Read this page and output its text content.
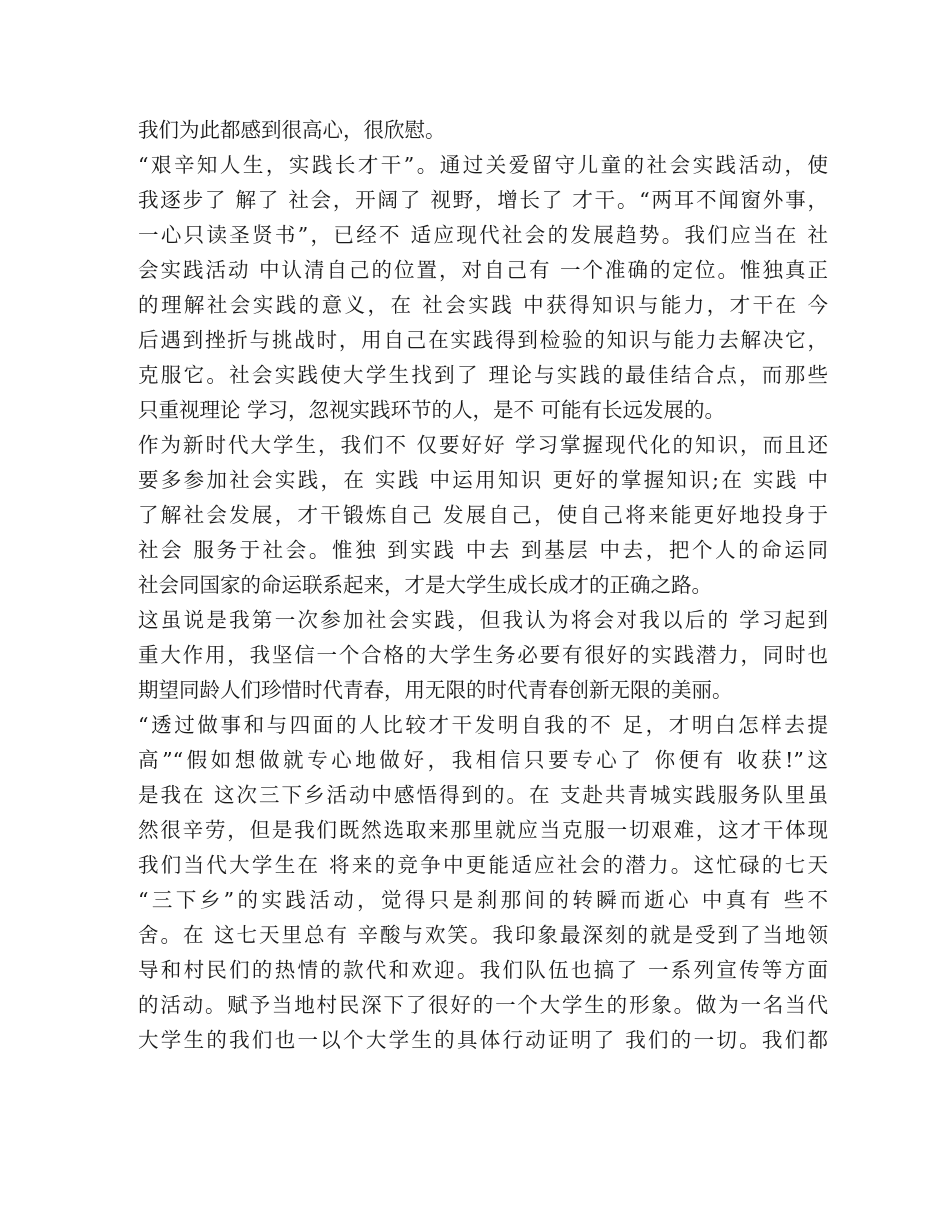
我们为此都感到很高心，很欣慰。
“艰辛知人生，实践长才干”。通过关爱留守儿童的社会实践活动，使
我逐步了 解了 社会，开阔了 视野，增长了 才干。“两耳不闻窗外事，
一心只读圣贤书”，已经不 适应现代社会的发展趋势。我们应当在 社
会实践活动 中认清自己的位置，对自己有 一个准确的定位。惟独真正
的理解社会实践的意义，在 社会实践 中获得知识与能力，才干在 今
后遇到挫折与挑战时，用自己在实践得到检验的知识与能力去解决它，
克服它。社会实践使大学生找到了 理论与实践的最佳结合点，而那些
只重视理论 学习，忽视实践环节的人，是不 可能有长远发展的。
作为新时代大学生，我们不 仅要好好 学习掌握现代化的知识，而且还
要多参加社会实践，在 实践 中运用知识 更好的掌握知识;在 实践 中
了解社会发展，才干锻炼自己 发展自己，使自己将来能更好地投身于
社会 服务于社会。惟独 到实践 中去 到基层 中去，把个人的命运同
社会同国家的命运联系起来，才是大学生成长成才的正确之路。
这虽说是我第一次参加社会实践，但我认为将会对我以后的 学习起到
重大作用，我坚信一个合格的大学生务必要有很好的实践潜力，同时也
期望同龄人们珍惜时代青春，用无限的时代青春创新无限的美丽。
“透过做事和与四面的人比较才干发明自我的不 足，才明白怎样去提
高”“假如想做就专心地做好，我相信只要专心了 你便有 收获!”这
是我在 这次三下乡活动中感悟得到的。在 支赴共青城实践服务队里虽
然很辛劳，但是我们既然选取来那里就应当克服一切艰难，这才干体现
我们当代大学生在 将来的竞争中更能适应社会的潜力。这忙碌的七天
“三下乡”的实践活动，觉得只是刹那间的转瞬而逝心 中真有 些不
舍。在 这七天里总有 辛酸与欢笑。我印象最深刻的就是受到了当地领
导和村民们的热情的款代和欢迎。我们队伍也搞了 一系列宣传等方面
的活动。赋予当地村民深下了很好的一个大学生的形象。做为一名当代
大学生的我们也一以个大学生的具体行动证明了 我们的一切。我们都
